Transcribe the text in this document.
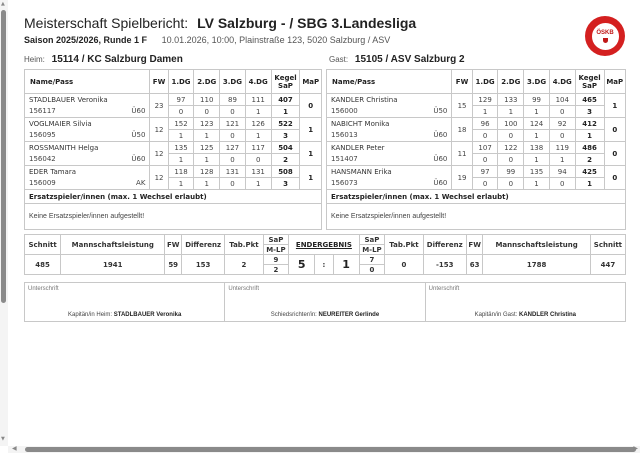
▲
▼
◀	▶
Meisterschaft Spielbericht: LV Salzburg - / SBG 3.Landesliga
Saison 2025/2026, Runde 1 F 10.01.2026, 10:00, Plainstraße 123, 5020 Salzburg / ASV
ÖSKB
Heim: 15114 / KC Salzburg Damen	Gast: 15105 / ASV Salzburg 2
Name/Pass	FW	1.DG	2.DG	3.DG	4.DG	Kegel
SaP	MaP
STADLBAUER Veronika	23	97	110	89	111	407	0
156117 Ü60		0	0	0	1	1	
VOGLMAIER Silvia	12	152	123	121	126	522	1
156095 Ü50		1	1	0	1	3	
ROSSMANITH Helga	12	135	125	127	117	504	1
156042 Ü60		1	1	0	0	2	
EDER Tamara	12	118	128	131	131	508	1
156009 AK		1	1	0	1	3	
Name/Pass	FW	1.DG	2.DG	3.DG	4.DG	Kegel
SaP	MaP
KANDLER Christina	15	129	133	99	104	465	1
156000 Ü50		1	1	1	0	3	
NABICHT Monika	18	96	100	124	92	412	0
156013 Ü60		0	0	1	0	1	
KANDLER Peter	11	107	122	138	119	486	0
151407 Ü60		0	0	1	1	2	
HANSMANN Erika	19	97	99	135	94	425	0
156073 Ü60		0	0	1	0	1	
Ersatzspieler/innen (max. 1 Wechsel erlaubt)
Keine Ersatzspieler/innen aufgestellt!
Ersatzspieler/innen (max. 1 Wechsel erlaubt)
Keine Ersatzspieler/innen aufgestellt!
Schnitt	Mannschaftsleistung	FW	Differenz	Tab.Pkt	SaP	ENDERGEBNIS			SaP	Tab.Pkt	Differenz	FW	Mannschaftsleistung	Schnitt
					M-LP				M-LP					
485	1941	59	153	2	9	5	:	1	7	0	-153	63	1788	447
					2				0					
Unterschrift
Kapitän/in Heim: STADLBAUER Veronika
Unterschrift
Schiedsrichter/in: NEUREITER Gerlinde
Unterschrift
Kapitän/in Gast: KANDLER Christina
